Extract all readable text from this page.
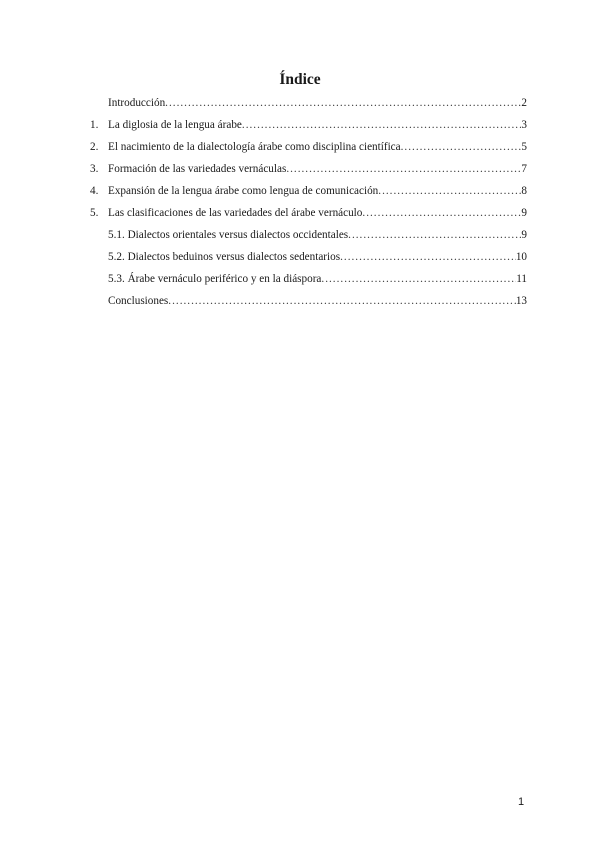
Índice
Introducción .....	2
1. La diglosia de la lengua árabe .....	3
2. El nacimiento de la dialectología árabe como disciplina científica .....	5
3. Formación de las variedades vernáculas .....	7
4. Expansión de la lengua árabe como lengua de comunicación .....	8
5. Las clasificaciones de las variedades del árabe vernáculo .....	9
5.1. Dialectos orientales versus dialectos occidentales .....	9
5.2. Dialectos beduinos versus dialectos sedentarios .....	10
5.3. Árabe vernáculo periférico y en la diáspora .....	11
Conclusiones .....	13
1
